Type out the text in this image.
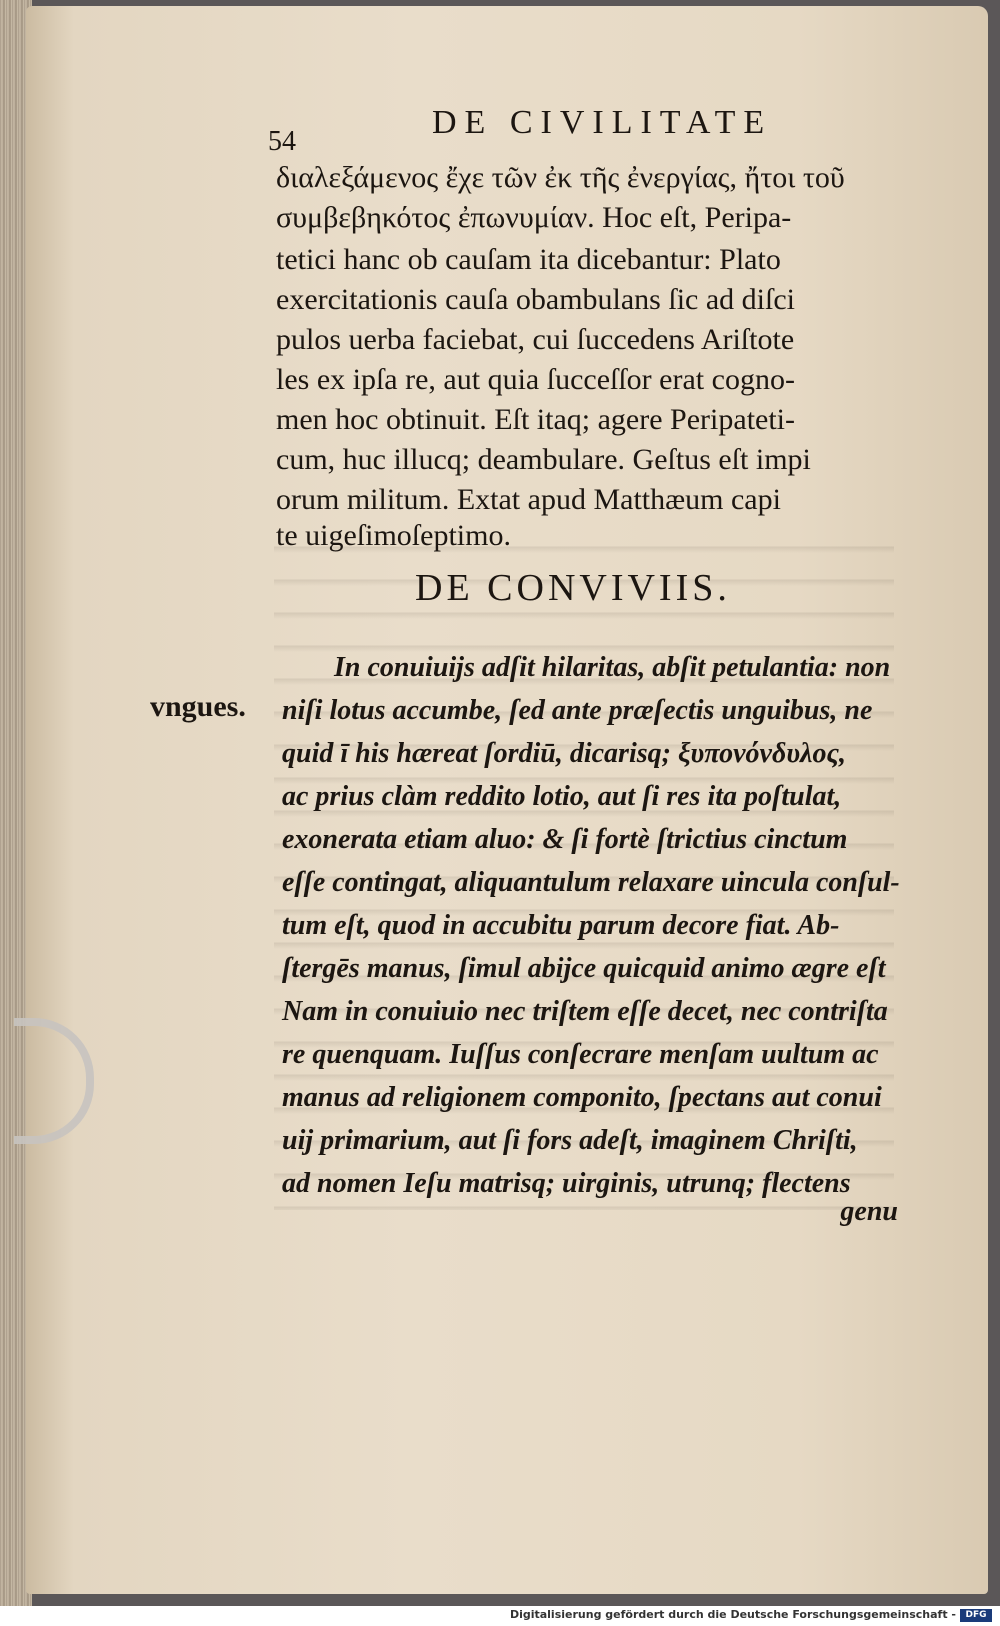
54
DE CIVILITATE
διαλεξάμενος ἔχε τῶν ἐκ τῆς ἐνεργίας, ἤτοι τοῦ
συμβεβηκότος ἐπωνυμίαν. Hoc eſt, Peripa-
tetici hanc ob cauſam ita dicebantur: Plato
exercitationis cauſa obambulans ſic ad diſci
pulos uerba faciebat, cui ſuccedens Ariſtote
les ex ipſa re, aut quia ſucceſſor erat cogno-
men hoc obtinuit. Eſt itaq; agere Peripateti-
cum, huc illucq; deambulare. Geſtus eſt impi
orum militum. Extat apud Matthæum capi
te uigeſimoſeptimo.
DE CONVIVIIS.
vngues.
In conuiuijs adſit hilaritas, abſit petulantia: non
niſi lotus accumbe, ſed ante præſectis unguibus, ne
quid ī his hæreat ſordiū, dicarisq; ξυπονόνδυλος,
ac prius clàm reddito lotio, aut ſi res ita poſtulat,
exonerata etiam aluo: & ſi fortè ſtrictius cinctum
eſſe contingat, aliquantulum relaxare uincula conſul-
tum eſt, quod in accubitu parum decore fiat. Ab-
ſtergēs manus, ſimul abijce quicquid animo ægre eſt
Nam in conuiuio nec triſtem eſſe decet, nec contriſta
re quenquam. Iuſſus conſecrare menſam uultum ac
manus ad religionem componito, ſpectans aut conui
uij primarium, aut ſi fors adeſt, imaginem Chriſti,
ad nomen Ieſu matrisq; uirginis, utrunq; flectens
genu
Digitalisierung gefördert durch die Deutsche Forschungsgemeinschaft -	DFG
